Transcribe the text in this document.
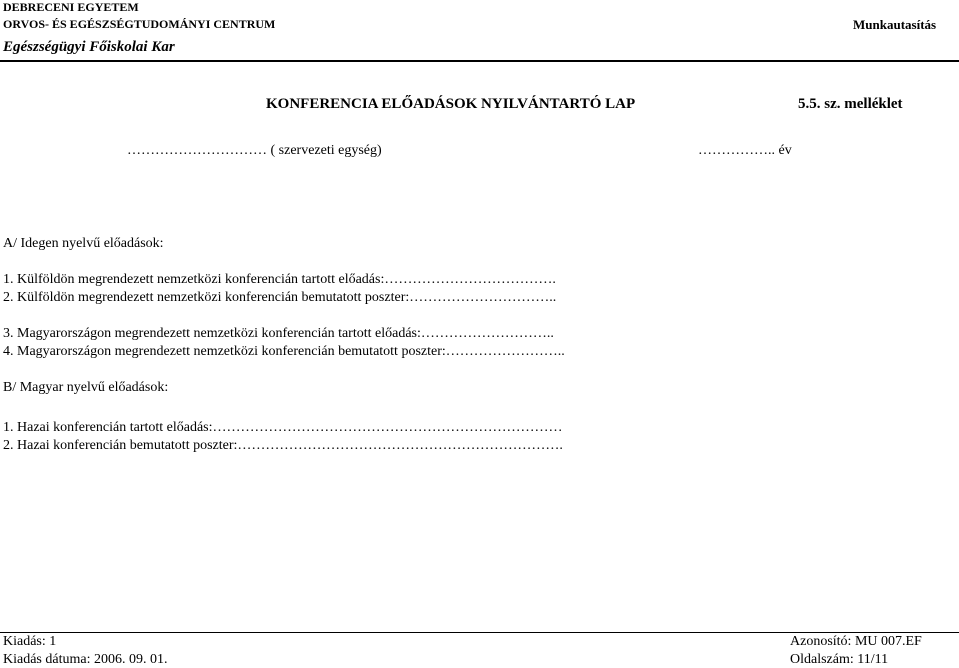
DEBRECENI EGYETEM
ORVOS- ÉS EGÉSZSÉGTUDOMÁNYI CENTRUM
Egészségügyi Főiskolai Kar
Munkautasítás
KONFERENCIA ELŐADÁSOK NYILVÁNTARTÓ LAP	5.5. sz. melléklet
………………………… ( szervezeti egység)	…………….. év
A/ Idegen nyelvű előadások:
1. Külföldön megrendezett nemzetközi konferencián tartott előadás:……………………………….
2. Külföldön megrendezett nemzetközi konferencián bemutatott poszter:…………………………..
3. Magyarországon megrendezett nemzetközi konferencián tartott előadás:………………………..
4. Magyarországon megrendezett nemzetközi konferencián bemutatott poszter:……………………..
B/ Magyar nyelvű előadások:
1. Hazai konferencián tartott előadás:…………………………………………………………………
2. Hazai konferencián bemutatott poszter:…………………………………………………………….
Kiadás: 1
Kiadás dátuma: 2006. 09. 01.
Azonosító: MU 007.EF
Oldalszám: 11/11
